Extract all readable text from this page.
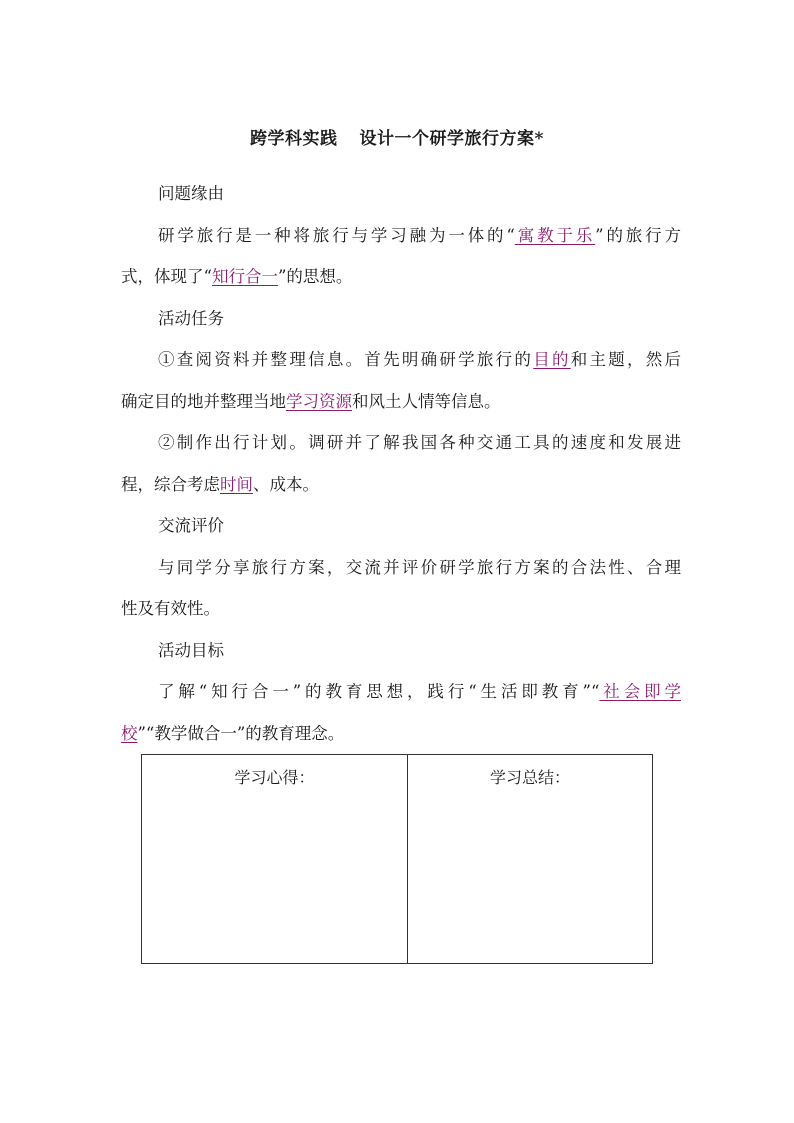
跨学科实践 设计一个研学旅行方案*
问题缘由
研学旅行是一种将旅行与学习融为一体的“寓教于乐”的旅行方
式，体现了“知行合一”的思想。
活动任务
①查阅资料并整理信息。首先明确研学旅行的目的和主题，然后
确定目的地并整理当地学习资源和风土人情等信息。
②制作出行计划。调研并了解我国各种交通工具的速度和发展进
程，综合考虑时间、成本。
交流评价
与同学分享旅行方案，交流并评价研学旅行方案的合法性、合理
性及有效性。
活动目标
了解“知行合一”的教育思想，践行“生活即教育”“社会即学
校”“教学做合一”的教育理念。
学习心得：	学习总结：
